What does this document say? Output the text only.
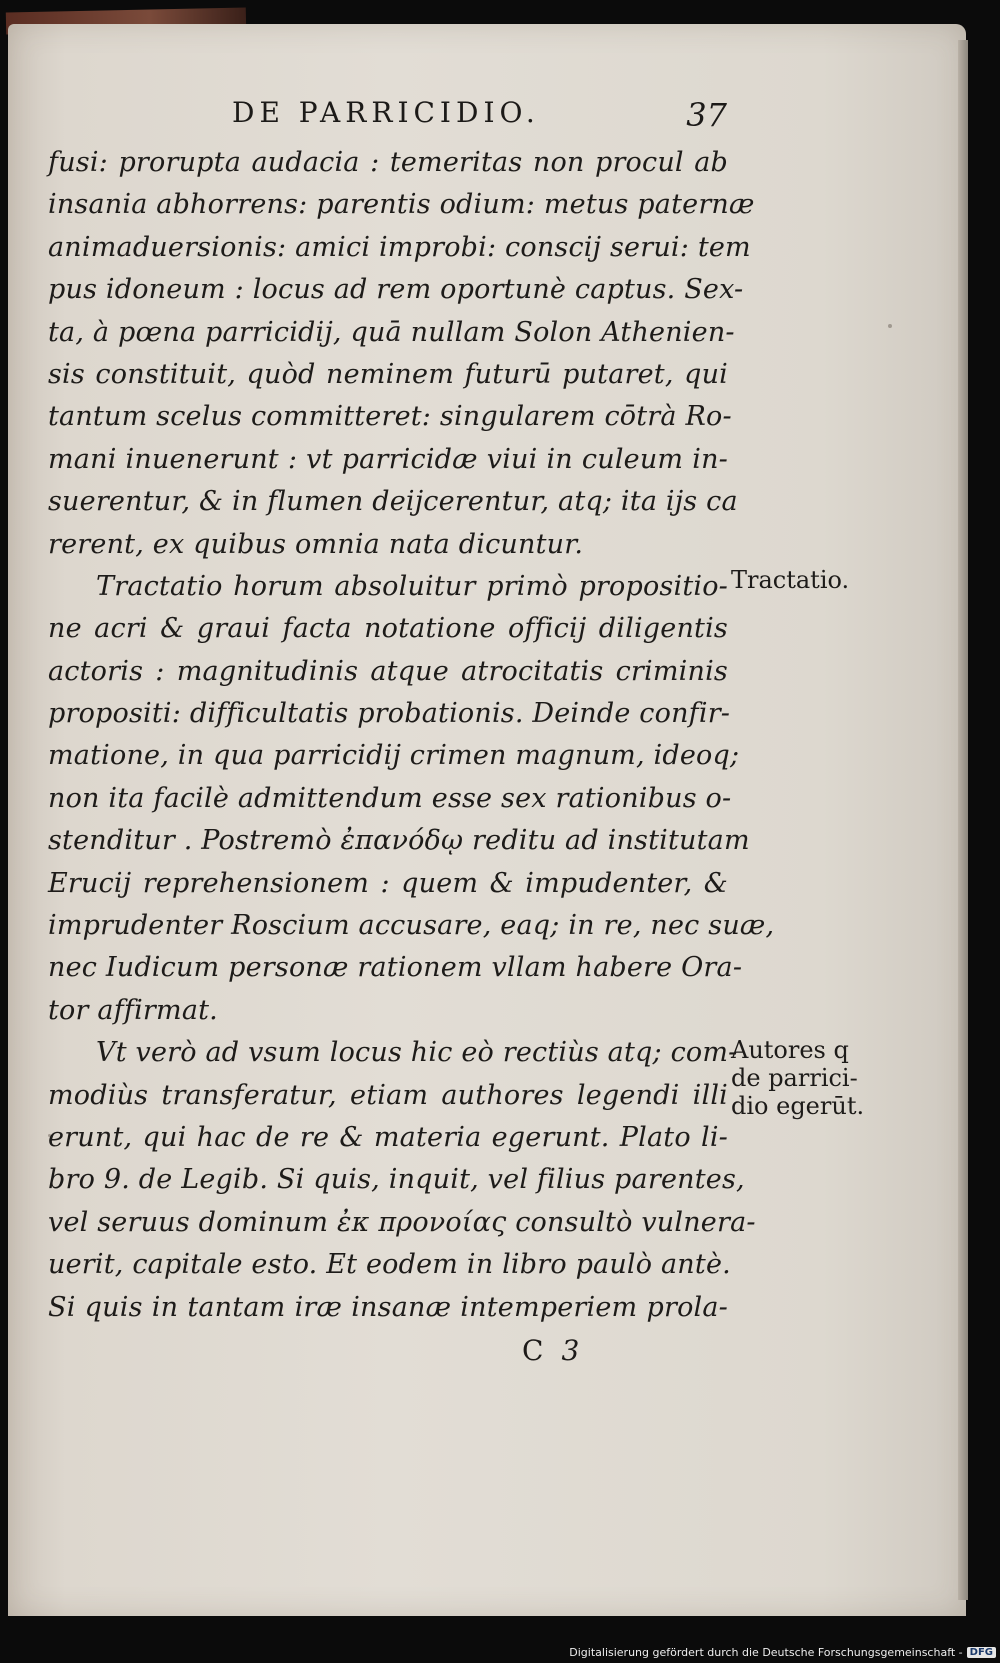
DE PARRICIDIO.	37
fusi: prorupta audacia : temeritas non procul ab
insania abhorrens: parentis odium: metus paternæ
animaduersionis: amici improbi: conscij serui: tem
pus idoneum : locus ad rem oportunè captus. Sex-
ta, à pœna parricidij, quā nullam Solon Athenien-
sis constituit, quòd neminem futurū putaret, qui
tantum scelus committeret: singularem cōtrà Ro-
mani inuenerunt : vt parricidæ viui in culeum in-
suerentur, & in flumen deijcerentur, atq; ita ijs ca
rerent, ex quibus omnia nata dicuntur.
Tractatio horum absoluitur primò propositio-
ne acri & graui facta notatione officij diligentis
actoris : magnitudinis atque atrocitatis criminis
propositi: difficultatis probationis. Deinde confir-
matione, in qua parricidij crimen magnum, ideoq;
non ita facilè admittendum esse sex rationibus o-
stenditur . Postremò ἐπανόδῳ reditu ad institutam
Erucij reprehensionem : quem & impudenter, &
imprudenter Roscium accusare, eaq; in re, nec suæ,
nec Iudicum personæ rationem vllam habere Ora-
tor affirmat.
Vt verò ad vsum locus hic eò rectiùs atq; com-
modiùs transferatur, etiam authores legendi illi
erunt, qui hac de re & materia egerunt. Plato li-
bro 9. de Legib. Si quis, inquit, vel filius parentes,
vel seruus dominum ἐκ προνοίας consultò vulnera-
uerit, capitale esto. Et eodem in libro paulò antè.
Si quis in tantam iræ insanæ intemperiem prola-
Tractatio.
Autores q
de parrici-
dio egerūt.
C 3
Digitalisierung gefördert durch die Deutsche Forschungsgemeinschaft - DFG
